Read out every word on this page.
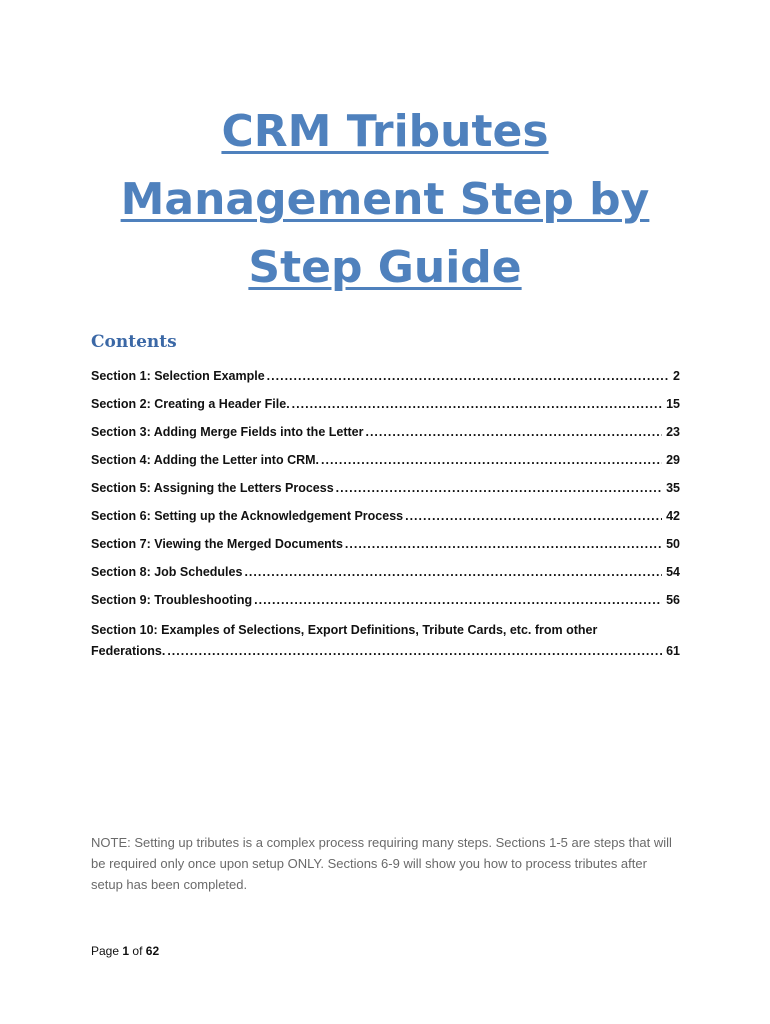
CRM Tributes
Management Step by
Step Guide
Contents
Section 1: Selection Example .....	2
Section 2: Creating a Header File. .....	15
Section 3: Adding Merge Fields into the Letter .....	23
Section 4: Adding the Letter into CRM. .....	29
Section 5: Assigning the Letters Process .....	35
Section 6: Setting up the Acknowledgement Process .....	42
Section 7: Viewing the Merged Documents .....	50
Section 8: Job Schedules .....	54
Section 9: Troubleshooting .....	56
Section 10: Examples of Selections, Export Definitions, Tribute Cards, etc. from other
Federations. .....	61

NOTE: Setting up tributes is a complex process requiring many steps. Sections 1-5 are steps that will be required only once upon setup ONLY. Sections 6-9 will show you how to process tributes after setup has been completed.

Page 1 of 62
